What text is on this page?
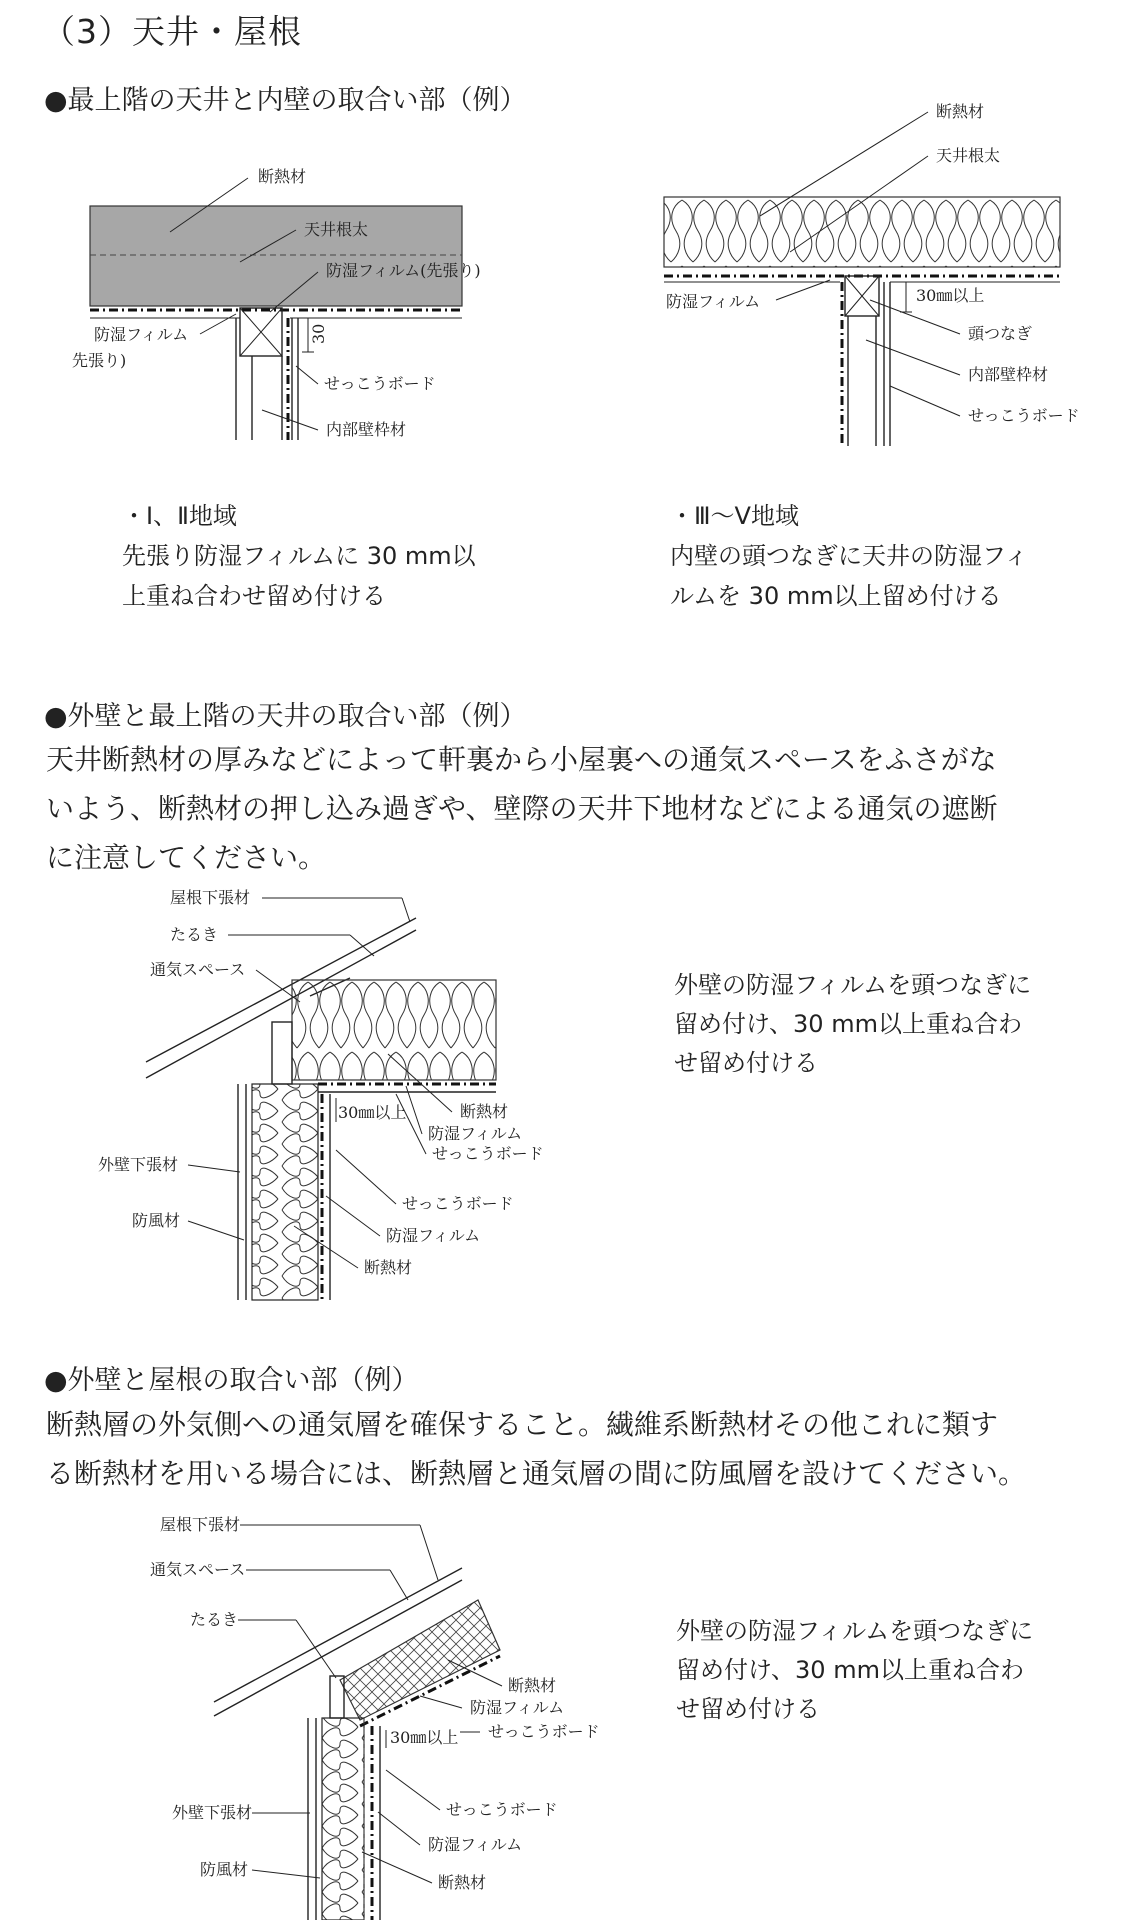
（3）天井・屋根

●最上階の天井と内壁の取合い部（例）

30
断熱材
天井根太
防湿フィルム(先張り)
防湿フィルム
先張り)
せっこうボード
内部壁枠材
30㎜以上
断熱材
天井根太
防湿フィルム
頭つなぎ
内部壁枠材
せっこうボード
・Ⅰ、Ⅱ地域
先張り防湿フィルムに 30 mm以
上重ね合わせ留め付ける
・Ⅲ～Ⅴ地域
内壁の頭つなぎに天井の防湿フィ
ルムを 30 mm以上留め付ける

●外壁と最上階の天井の取合い部（例）

天井断熱材の厚みなどによって軒裏から小屋裏への通気スペースをふさがな
いよう、断熱材の押し込み過ぎや、壁際の天井下地材などによる通気の遮断
に注意してください。
30㎜以上
屋根下張材
たるき
通気スペース
断熱材
防湿フィルム
せっこうボード
せっこうボード
防湿フィルム
断熱材
外壁下張材
防風材
外壁の防湿フィルムを頭つなぎに
留め付け、30 mm以上重ね合わ
せ留め付ける

●外壁と屋根の取合い部（例）

断熱層の外気側への通気層を確保すること。繊維系断熱材その他これに類す
る断熱材を用いる場合には、断熱層と通気層の間に防風層を設けてください。
30㎜以上
屋根下張材
通気スペース
たるき
外壁下張材
防風材
断熱材
防湿フィルム
せっこうボード
せっこうボード
防湿フィルム
断熱材
外壁の防湿フィルムを頭つなぎに
留め付け、30 mm以上重ね合わ
せ留め付ける
